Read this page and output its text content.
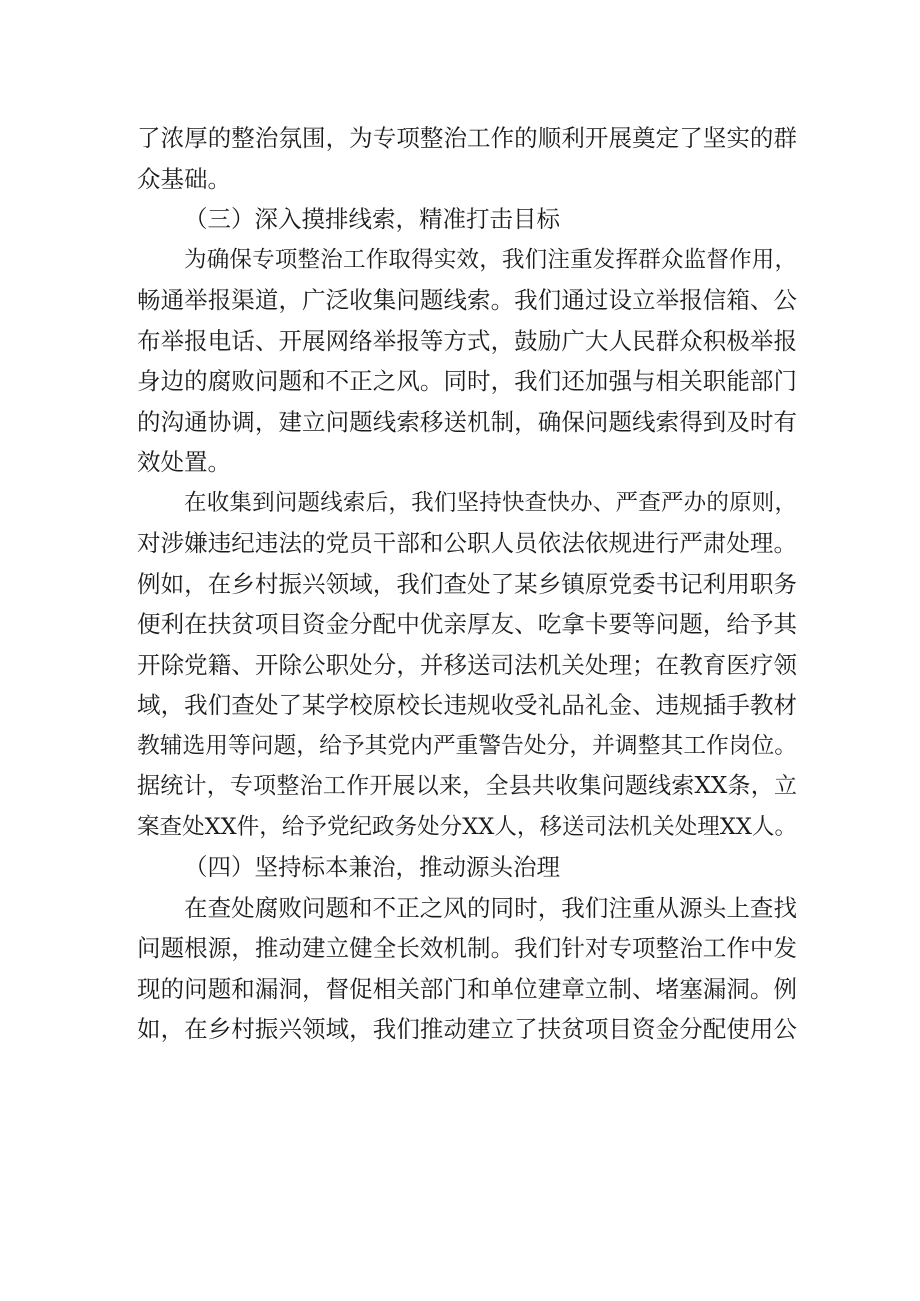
了浓厚的整治氛围，为专项整治工作的顺利开展奠定了坚实的群
众基础。
（三）深入摸排线索，精准打击目标
为确保专项整治工作取得实效，我们注重发挥群众监督作用，
畅通举报渠道，广泛收集问题线索。我们通过设立举报信箱、公
布举报电话、开展网络举报等方式，鼓励广大人民群众积极举报
身边的腐败问题和不正之风。同时，我们还加强与相关职能部门
的沟通协调，建立问题线索移送机制，确保问题线索得到及时有
效处置。
在收集到问题线索后，我们坚持快查快办、严查严办的原则，
对涉嫌违纪违法的党员干部和公职人员依法依规进行严肃处理。
例如，在乡村振兴领域，我们查处了某乡镇原党委书记利用职务
便利在扶贫项目资金分配中优亲厚友、吃拿卡要等问题，给予其
开除党籍、开除公职处分，并移送司法机关处理；在教育医疗领
域，我们查处了某学校原校长违规收受礼品礼金、违规插手教材
教辅选用等问题，给予其党内严重警告处分，并调整其工作岗位。
据统计，专项整治工作开展以来，全县共收集问题线索XX条，立
案查处XX件，给予党纪政务处分XX人，移送司法机关处理XX人。
（四）坚持标本兼治，推动源头治理
在查处腐败问题和不正之风的同时，我们注重从源头上查找
问题根源，推动建立健全长效机制。我们针对专项整治工作中发
现的问题和漏洞，督促相关部门和单位建章立制、堵塞漏洞。例
如，在乡村振兴领域，我们推动建立了扶贫项目资金分配使用公
